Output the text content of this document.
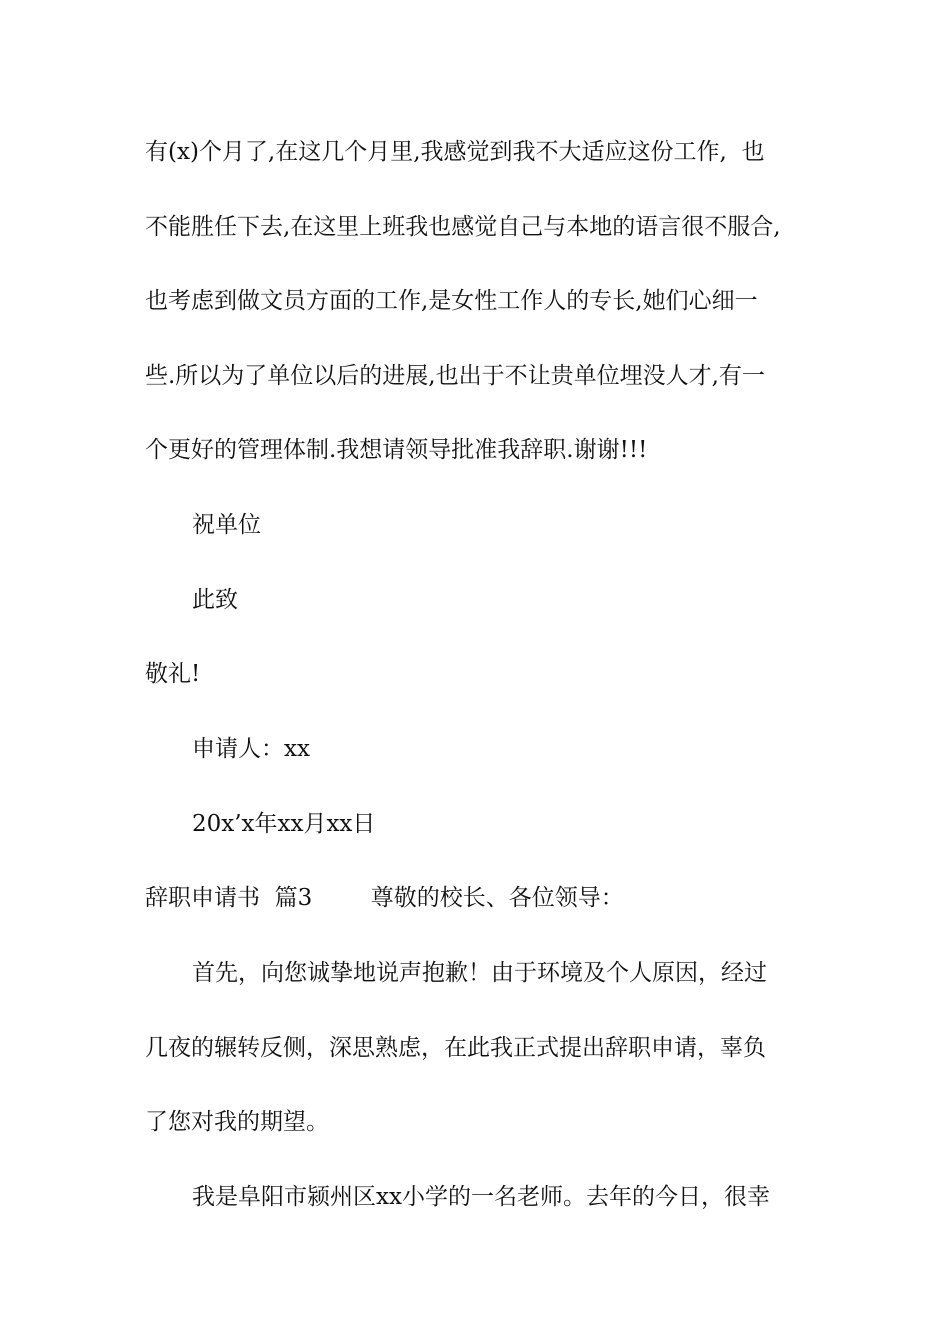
有(x)个月了,在这几个月里,我感觉到我不大适应这份工作,  也

不能胜任下去,在这里上班我也感觉自己与本地的语言很不服合,

也考虑到做文员方面的工作,是女性工作人的专长,她们心细一

些.所以为了单位以后的进展,也出于不让贵单位埋没人才,有一

个更好的管理体制.我想请领导批准我辞职.谢谢!!!

祝单位

此致

敬礼!

申请人：xx

20x’x年xx月xx日

辞职申请书  篇3        尊敬的校长、各位领导：

首先，向您诚挚地说声抱歉！由于环境及个人原因，经过

几夜的辗转反侧，深思熟虑，在此我正式提出辞职申请，辜负

了您对我的期望。

我是阜阳市颍州区xx小学的一名老师。去年的今日，很幸
